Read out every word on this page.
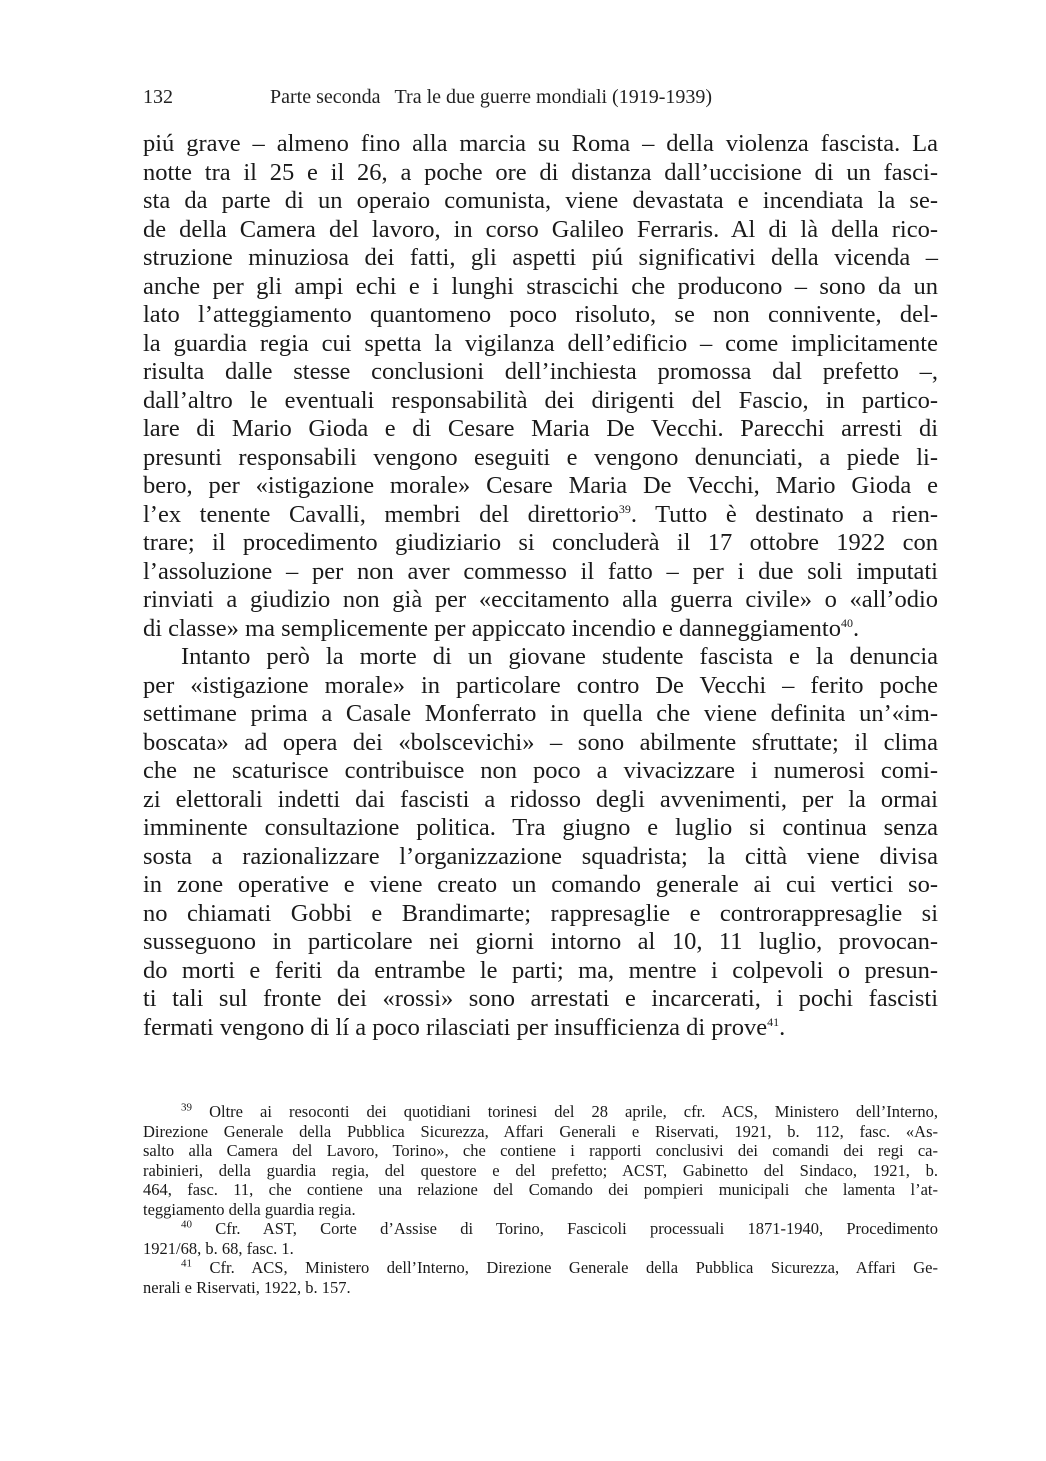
132	Parte seconda Tra le due guerre mondiali (1919-1939)
piú grave – almeno fino alla marcia su Roma – della violenza fascista. La
notte tra il 25 e il 26, a poche ore di distanza dall’uccisione di un fasci-
sta da parte di un operaio comunista, viene devastata e incendiata la se-
de della Camera del lavoro, in corso Galileo Ferraris. Al di là della rico-
struzione minuziosa dei fatti, gli aspetti piú significativi della vicenda –
anche per gli ampi echi e i lunghi strascichi che producono – sono da un
lato l’atteggiamento quantomeno poco risoluto, se non connivente, del-
la guardia regia cui spetta la vigilanza dell’edificio – come implicitamente
risulta dalle stesse conclusioni dell’inchiesta promossa dal prefetto –,
dall’altro le eventuali responsabilità dei dirigenti del Fascio, in partico-
lare di Mario Gioda e di Cesare Maria De Vecchi. Parecchi arresti di
presunti responsabili vengono eseguiti e vengono denunciati, a piede li-
bero, per «istigazione morale» Cesare Maria De Vecchi, Mario Gioda e
l’ex tenente Cavalli, membri del direttorio$^{39}$. Tutto è destinato a rien-
trare; il procedimento giudiziario si concluderà il 17 ottobre 1922 con
l’assoluzione – per non aver commesso il fatto – per i due soli imputati
rinviati a giudizio non già per «eccitamento alla guerra civile» o «all’odio
di classe» ma semplicemente per appiccato incendio e danneggiamento$^{40}$.
Intanto però la morte di un giovane studente fascista e la denuncia
per «istigazione morale» in particolare contro De Vecchi – ferito poche
settimane prima a Casale Monferrato in quella che viene definita un’«im-
boscata» ad opera dei «bolscevichi» – sono abilmente sfruttate; il clima
che ne scaturisce contribuisce non poco a vivacizzare i numerosi comi-
zi elettorali indetti dai fascisti a ridosso degli avvenimenti, per la ormai
imminente consultazione politica. Tra giugno e luglio si continua senza
sosta a razionalizzare l’organizzazione squadrista; la città viene divisa
in zone operative e viene creato un comando generale ai cui vertici so-
no chiamati Gobbi e Brandimarte; rappresaglie e controrappresaglie si
susseguono in particolare nei giorni intorno al 10, 11 luglio, provocan-
do morti e feriti da entrambe le parti; ma, mentre i colpevoli o presun-
ti tali sul fronte dei «rossi» sono arrestati e incarcerati, i pochi fascisti
fermati vengono di lí a poco rilasciati per insufficienza di prove$^{41}$.
$^{39}$ Oltre ai resoconti dei quotidiani torinesi del 28 aprile, cfr. ACS, Ministero dell’Interno,
Direzione Generale della Pubblica Sicurezza, Affari Generali e Riservati, 1921, b. 112, fasc. «As-
salto alla Camera del Lavoro, Torino», che contiene i rapporti conclusivi dei comandi dei regi ca-
rabinieri, della guardia regia, del questore e del prefetto; ACST, Gabinetto del Sindaco, 1921, b.
464, fasc. 11, che contiene una relazione del Comando dei pompieri municipali che lamenta l’at-
teggiamento della guardia regia.
$^{40}$ Cfr. AST, Corte d’Assise di Torino, Fascicoli processuali 1871-1940, Procedimento
1921/68, b. 68, fasc. 1.
$^{41}$ Cfr. ACS, Ministero dell’Interno, Direzione Generale della Pubblica Sicurezza, Affari Ge-
nerali e Riservati, 1922, b. 157.
